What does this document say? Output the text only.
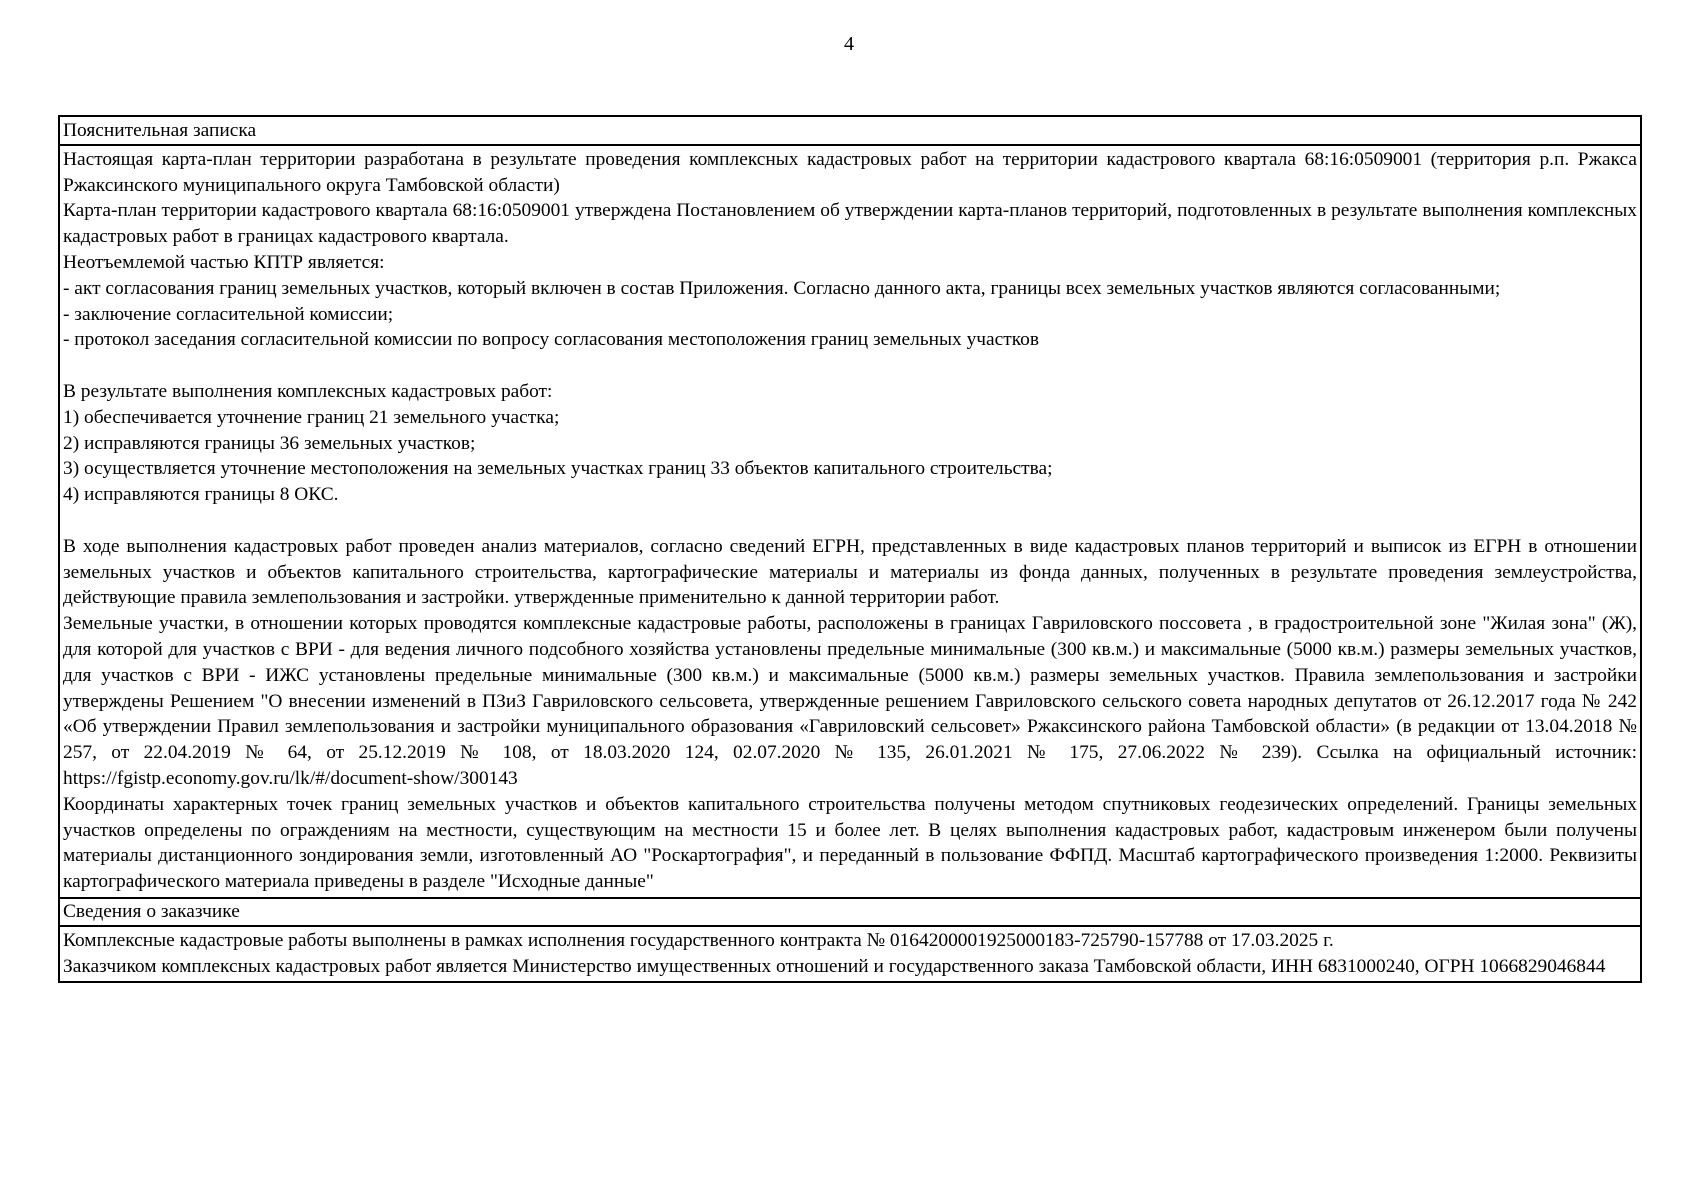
4
Пояснительная записка

Настоящая карта-план территории разработана в результате проведения комплексных кадастровых работ на территории кадастрового квартала 68:16:0509001 (территория р.п. Ржакса Ржаксинского муниципального округа Тамбовской области)

Карта-план территории кадастрового квартала 68:16:0509001 утверждена Постановлением об утверждении карта-планов территорий, подготовленных в результате выполнения комплексных кадастровых работ в границах кадастрового квартала.

Неотъемлемой частью КПТР является:

- акт согласования границ земельных участков, который включен в состав Приложения. Согласно данного акта, границы всех земельных участков являются согласованными;

- заключение согласительной комиссии;

- протокол заседания согласительной комиссии по вопросу согласования местоположения границ земельных участков

В результате выполнения комплексных кадастровых работ:

1) обеспечивается уточнение границ 21 земельного участка;

2) исправляются границы 36 земельных участков;

3) осуществляется уточнение местоположения на земельных участках границ 33 объектов капитального строительства;

4) исправляются границы 8 ОКС.

В ходе выполнения кадастровых работ проведен анализ материалов, согласно сведений ЕГРН, представленных в виде кадастровых планов территорий и выписок из ЕГРН в отношении земельных участков и объектов капитального строительства, картографические материалы и материалы из фонда данных, полученных в результате проведения землеустройства, действующие правила землепользования и застройки. утвержденные применительно к данной территории работ.

Земельные участки, в отношении которых проводятся комплексные кадастровые работы, расположены в границах Гавриловского поссовета , в градостроительной зоне "Жилая зона" (Ж), для которой для участков с ВРИ - для ведения личного подсобного хозяйства установлены предельные минимальные (300 кв.м.) и максимальные (5000 кв.м.) размеры земельных участков, для участков с ВРИ - ИЖС установлены предельные минимальные (300 кв.м.) и максимальные (5000 кв.м.) размеры земельных участков. Правила землепользования и застройки утверждены Решением "О внесении изменений в ПЗиЗ Гавриловского сельсовета, утвержденные решением Гавриловского сельского совета народных депутатов от 26.12.2017 года № 242 «Об утверждении Правил землепользования и застройки муниципального образования «Гавриловский сельсовет» Ржаксинского района Тамбовской области» (в редакции от 13.04.2018 № 257, от 22.04.2019 № 64, от 25.12.2019 № 108, от 18.03.2020 124, 02.07.2020 № 135, 26.01.2021 № 175, 27.06.2022 № 239). Ссылка на официальный источник: https://fgistp.economy.gov.ru/lk/#/document-show/300143

Координаты характерных точек границ земельных участков и объектов капитального строительства получены методом спутниковых геодезических определений. Границы земельных участков определены по ограждениям на местности, существующим на местности 15 и более лет. В целях выполнения кадастровых работ, кадастровым инженером были получены материалы дистанционного зондирования земли, изготовленный АО "Роскартография", и переданный в пользование ФФПД. Масштаб картографического произведения 1:2000. Реквизиты картографического материала приведены в разделе "Исходные данные"

Сведения о заказчике

Комплексные кадастровые работы выполнены в рамках исполнения государственного контракта № 0164200001925000183-725790-157788 от 17.03.2025 г.

Заказчиком комплексных кадастровых работ является Министерство имущественных отношений и государственного заказа Тамбовской области, ИНН 6831000240, ОГРН 1066829046844
